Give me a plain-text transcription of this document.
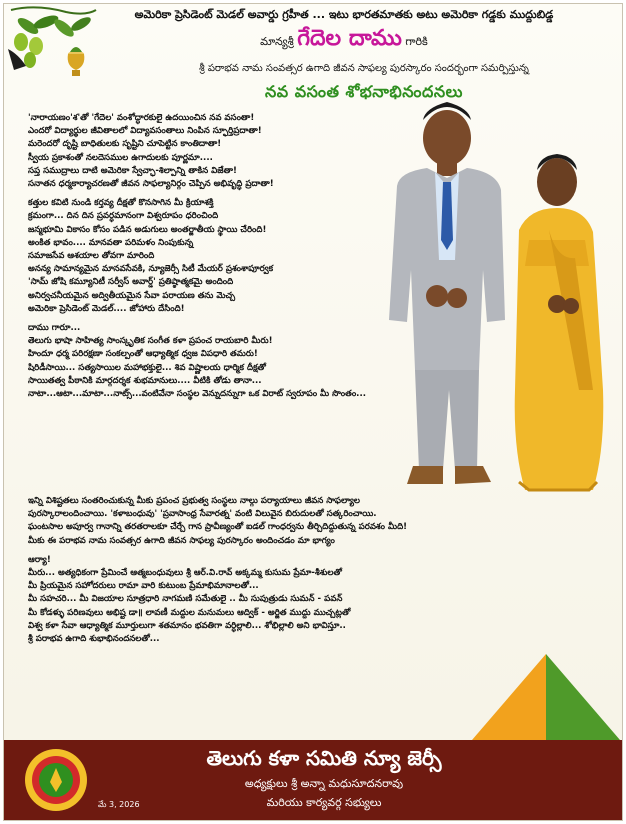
అమెరికా ప్రెసిడెంట్ మెడల్ అవార్డు గ్రహీత ... ఇటు భారతమాతకు అటు అమెరికా గడ్డకు ముద్దుబిడ్డ
మాన్యశ్రీ గేదెల దాము గారికి
శ్రీ పరాభవ నామ సంవత్సర ఉగాది జీవన సాఫల్య పురస్కారం సందర్భంగా సమర్పిస్తున్న
నవ వసంత శోభనాభినందనలు
'నారాయణం'శ'తో 'గేదెల' వంశోద్ధారకులై ఉదయించిన నవ వసంతా!
ఎందరో విద్యార్థుల జీవితాలలో విద్యావసంతాలు నింపిన స్ఫూర్తిప్రదాతా!
మరెందరో దృష్టి బాధితులకు సృష్టిని చూపెట్టిన కాంతిదాతా!
స్వీయ ప్రకాశంతో నలదెసముల ఉగాదులకు పూర్ణమా....
సప్త సముద్రాలు దాటి అమెరికా స్వేచ్ఛా-శిల్పాన్ని తాకిన విజేతా!
సనాతన ధర్మకార్యాచరణతో జీవన సాఫల్యానిర్గం చెప్పిన అభివృద్ధి ప్రదాతా!
కత్తుల కవిటి నుండి కర్తవ్య దీక్షతో కొనసాగిన మీ క్రియాశక్తి
క్రమంగా... దిన దిన ప్రవర్ధమానంగా విశ్వరూపం ధరించింది
జన్మభూమి వికాసం కోసం పడిన అడుగులు అంతర్జాతీయ స్థాయి చేరింది!
అంకిత భావం.... మానవతా పరిమళం నింపుకున్న
సమాజసేవ ఆశయాల తోవగా మారింది
అనన్య సామాన్యమైన మానవసేవకి, న్యూజెర్సీ సిటీ మేయర్ ప్రశంశాపూర్వక
'సామ్ జోషి కమ్యూనిటీ సర్వీస్ అవార్డ్' ప్రతిష్ఠాత్మకమై అందింది
అనిర్వచనీయమైన అద్వితీయమైన సేవా పరాయణ తను మెచ్చ
అమెరికా ప్రెసిడెంట్ మెడల్.... జోహారు దేసింది!
దాము గారూ...
తెలుగు భాషా సాహిత్య సాంస్కృతిక సంగీత కళా ప్రపంచ రాయబారి మీరు!
హిందూ ధర్మ పరిరక్షణా సంకల్పంతో ఆధ్యాత్మిక ధ్వజ విపధారి తమరు!
షిరిడీసాయి... సత్యసాయిల మహాభక్తులై... శివ విష్ణాలయ ధార్మిక దీక్షతో
సాయితత్వ పీఠానికి మార్గదర్శక శుభమానులు.... వీటికి తోడు తానా...
నాటా...ఆటా...మాటా...నాట్స్...వంటివేనా సంస్థల వెన్నుదన్నుగా ఒక విరాట్ స్వరూపం మీ సొంతం...
ఇన్ని విశిష్టతలు సంతరించుకున్న మీకు ప్రపంచ ప్రభుత్వ సంస్థలు నాల్గు పర్యాయాలు జీవన సాఫల్యాల
పురస్కారాలందించాయి. 'కళాబంధువు' 'ప్రవాసాంధ్ర సేవారత్న' వంటి విలువైన బిరుదులతో సత్కరించాయి.
ఘంటసాల అపూర్వ గానాన్ని తరతరాలకూ చేర్చే గాన ప్రావీణ్యంతో ఐడల్ గాంధర్వను తీర్చిదిద్దుతున్న పరవశం మీది!
మీకు ఈ పరాభవ నామ సంవత్సర ఉగాది జీవన సాఫల్య పురస్కారం అందించడం మా భాగ్యం
ఆర్యా!
మీరు... అత్యధికంగా ప్రేమించే ఆత్మబంధువులు శ్రీ ఆర్.వి.రావ్ అక్కమ్మ కుసుమ ప్రేమా-శీశులతో
మీ ప్రియమైన సహోదరులు రామా వారి కుటుంబ ప్రేమాభిమానాలతో...
మీ సహచరి... మీ విజయాల సూత్రధారి నాగమణి సమేతులై .. మీ సుపుత్రుడు సుమన్ - పవన్
మీ కోడళ్ళు పరిణవులు అభిష్ట డా॥ లావణీ మద్దుల మనుమలు ఆద్విక్ - అర్జిత ముద్దు ముచ్చట్లతో
విశ్వ కళా సేవా ఆధ్యాత్మిక మూర్తులుగా శతమానం భవతిగా వర్ధిల్లాలి... శోభిల్లాలి అని భావిస్తూ..
శ్రీ పరాభవ ఉగాది శుభాభినందనలతో...
మే 3, 2026
తెలుగు కళా సమితి న్యూ జెర్సీ
అధ్యక్షులు శ్రీ అన్నా మధుసూదనరావు
మరియు కార్యవర్గ సభ్యులు
